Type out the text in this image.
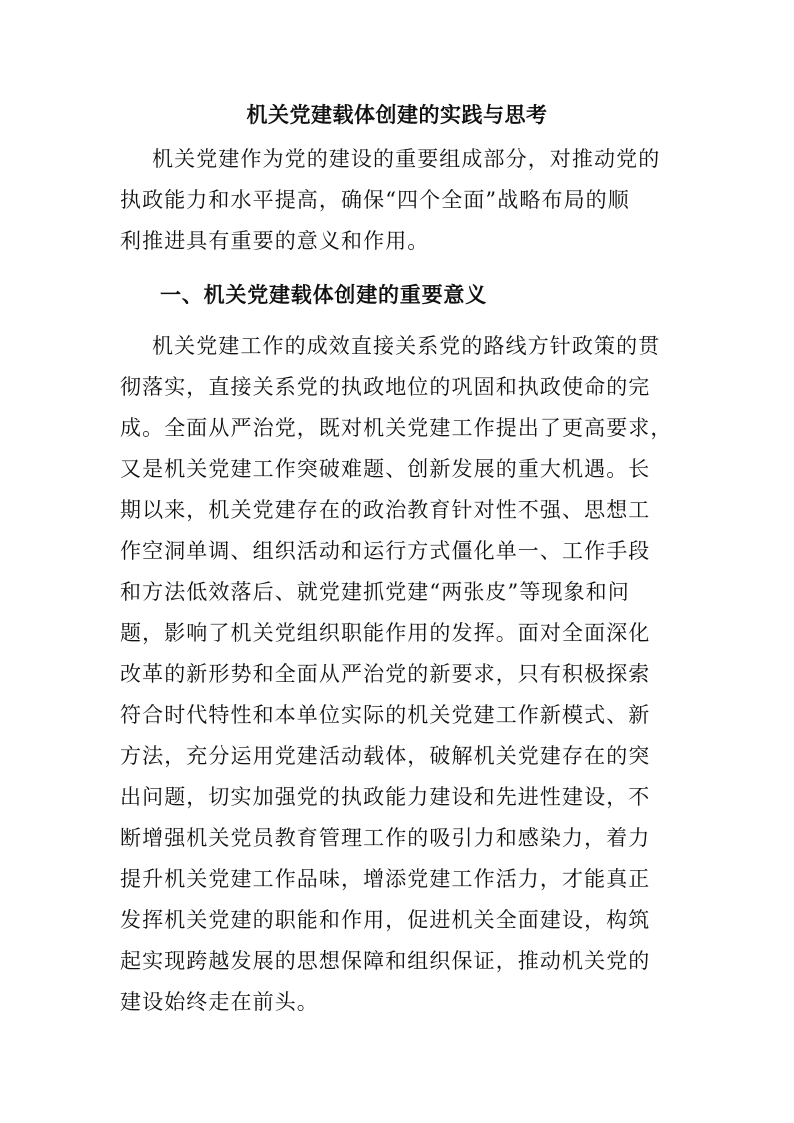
机关党建载体创建的实践与思考
机关党建作为党的建设的重要组成部分，对推动党的
执政能力和水平提高，确保“四个全面”战略布局的顺
利推进具有重要的意义和作用。
一、机关党建载体创建的重要意义
机关党建工作的成效直接关系党的路线方针政策的贯
彻落实，直接关系党的执政地位的巩固和执政使命的完
成。全面从严治党，既对机关党建工作提出了更高要求，
又是机关党建工作突破难题、创新发展的重大机遇。长
期以来，机关党建存在的政治教育针对性不强、思想工
作空洞单调、组织活动和运行方式僵化单一、工作手段
和方法低效落后、就党建抓党建“两张皮”等现象和问
题，影响了机关党组织职能作用的发挥。面对全面深化
改革的新形势和全面从严治党的新要求，只有积极探索
符合时代特性和本单位实际的机关党建工作新模式、新
方法，充分运用党建活动载体，破解机关党建存在的突
出问题，切实加强党的执政能力建设和先进性建设，不
断增强机关党员教育管理工作的吸引力和感染力，着力
提升机关党建工作品味，增添党建工作活力，才能真正
发挥机关党建的职能和作用，促进机关全面建设，构筑
起实现跨越发展的思想保障和组织保证，推动机关党的
建设始终走在前头。
